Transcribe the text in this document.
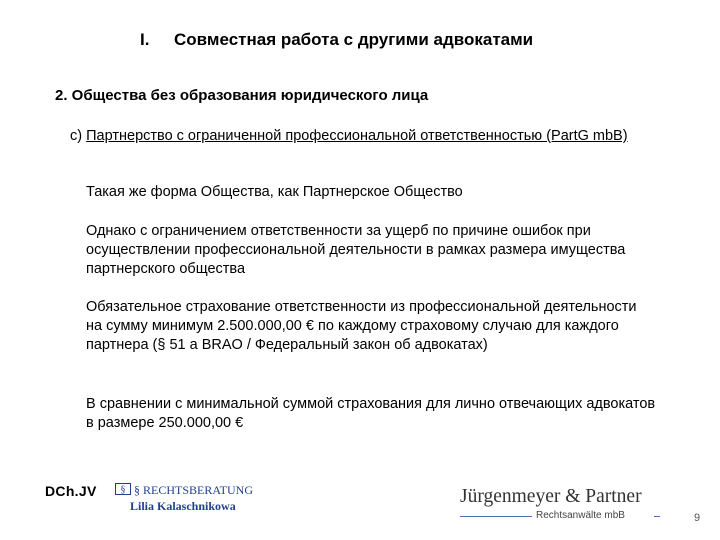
I. Совместная работа с другими адвокатами
2. Общества без образования юридического лица
c) Партнерство с ограниченной профессиональной ответственностью (PartG mbB)
Такая же форма Общества, как Партнерское Общество
Однако с ограничением ответственности за ущерб по причине ошибок при осуществлении профессиональной деятельности в рамках размера имущества партнерского общества
Обязательное страхование ответственности из профессиональной деятельности на сумму минимум 2.500.000,00 € по каждому страховому случаю для каждого партнера (§ 51 a BRAO / Федеральный закон об адвокатах)
В сравнении с минимальной суммой страхования для лично отвечающих адвокатов в размере 250.000,00 €
DCh.JV	§ § RECHTSBERATUNG
Lilia Kalaschnikowa	Jürgenmeyer & Partner
Rechtsanwälte mbB	9
